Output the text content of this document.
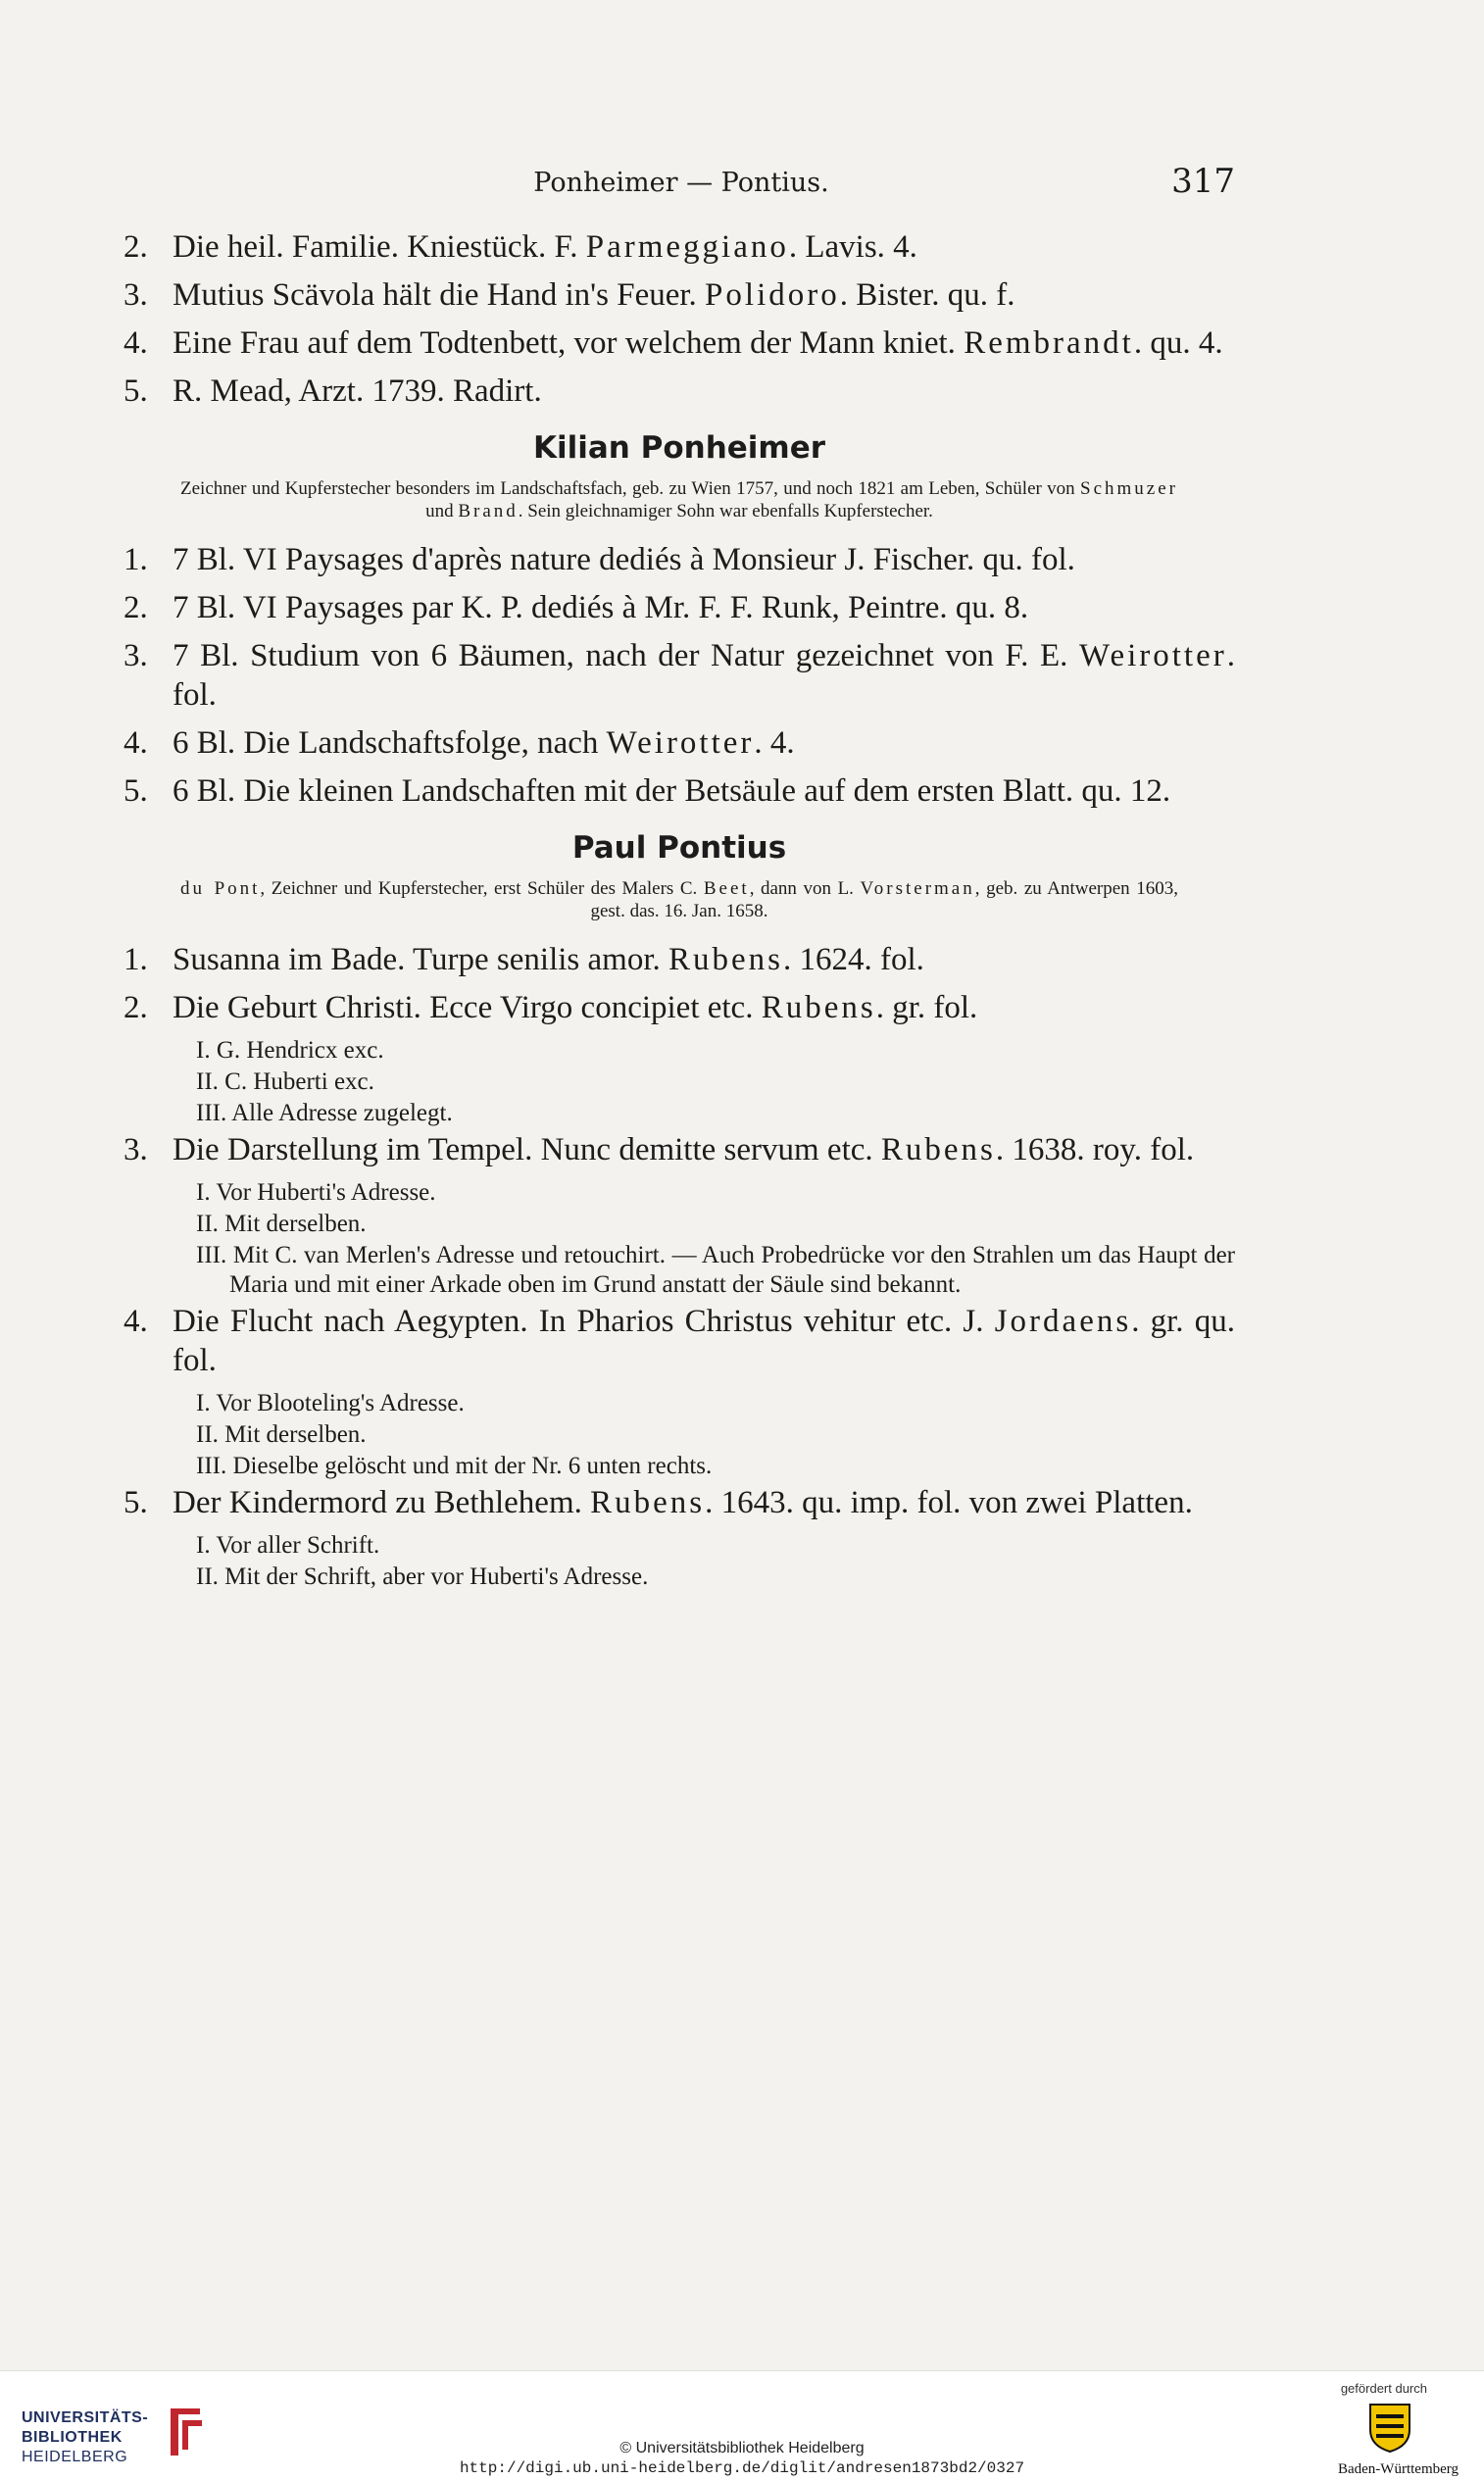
Ponheimer — Pontius.	317
2. Die heil. Familie. Kniestück. F. Parmeggiano. Lavis. 4.
3. Mutius Scävola hält die Hand in's Feuer. Polidoro. Bister. qu. f.
4. Eine Frau auf dem Todtenbett, vor welchem der Mann kniet. Rembrandt. qu. 4.
5. R. Mead, Arzt. 1739. Radirt.
Kilian Ponheimer
Zeichner und Kupferstecher besonders im Landschaftsfach, geb. zu Wien 1757, und noch 1821 am Leben, Schüler von Schmuzer und Brand. Sein gleichnamiger Sohn war ebenfalls Kupferstecher.
1. 7 Bl. VI Paysages d'après nature dediés à Monsieur J. Fischer. qu. fol.
2. 7 Bl. VI Paysages par K. P. dediés à Mr. F. F. Runk, Peintre. qu. 8.
3. 7 Bl. Studium von 6 Bäumen, nach der Natur gezeichnet von F. E. Weirotter. fol.
4. 6 Bl. Die Landschaftsfolge, nach Weirotter. 4.
5. 6 Bl. Die kleinen Landschaften mit der Betsäule auf dem ersten Blatt. qu. 12.
Paul Pontius
du Pont, Zeichner und Kupferstecher, erst Schüler des Malers C. Beet, dann von L. Vorsterman, geb. zu Antwerpen 1603, gest. das. 16. Jan. 1658.
1. Susanna im Bade. Turpe senilis amor. Rubens. 1624. fol.
2. Die Geburt Christi. Ecce Virgo concipiet etc. Rubens. gr. fol.
I. G. Hendricx exc.
II. C. Huberti exc.
III. Alle Adresse zugelegt.
3. Die Darstellung im Tempel. Nunc demitte servum etc. Rubens. 1638. roy. fol.
I. Vor Huberti's Adresse.
II. Mit derselben.
III. Mit C. van Merlen's Adresse und retouchirt. — Auch Probedrücke vor den Strahlen um das Haupt der Maria und mit einer Arkade oben im Grund anstatt der Säule sind bekannt.
4. Die Flucht nach Aegypten. In Pharios Christus vehitur etc. J. Jordaens. gr. qu. fol.
I. Vor Blooteling's Adresse.
II. Mit derselben.
III. Dieselbe gelöscht und mit der Nr. 6 unten rechts.
5. Der Kindermord zu Bethlehem. Rubens. 1643. qu. imp. fol. von zwei Platten.
I. Vor aller Schrift.
II. Mit der Schrift, aber vor Huberti's Adresse.
UNIVERSITÄTS-
BIBLIOTHEK
HEIDELBERG
© Universitätsbibliothek Heidelberg
http://digi.ub.uni-heidelberg.de/diglit/andresen1873bd2/0327
gefördert durch
Baden-Württemberg
